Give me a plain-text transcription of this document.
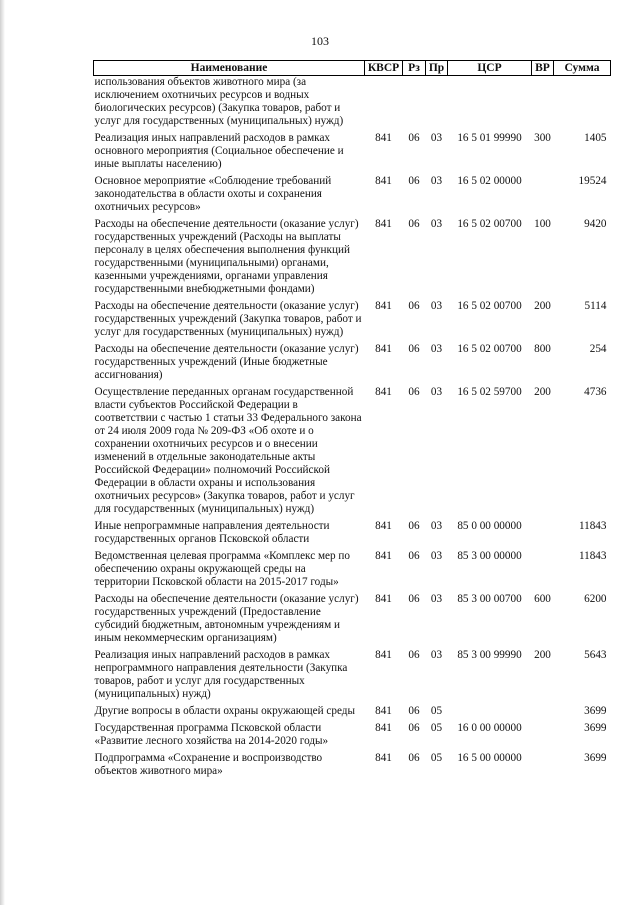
103
Наименование	КВСР	Рз	Пр	ЦСР	ВР	Сумма
использования объектов животного мира (за исключением охотничьих ресурсов и водных биологических ресурсов) (Закупка товаров, работ и услуг для государственных (муниципальных) нужд)						
Реализация иных направлений расходов в рамках основного мероприятия (Социальное обеспечение и иные выплаты населению)	841	06	03	16 5 01 99990	300	1405
Основное мероприятие «Соблюдение требований законодательства в области охоты и сохранения охотничьих ресурсов»	841	06	03	16 5 02 00000		19524
Расходы на обеспечение деятельности (оказание услуг) государственных учреждений (Расходы на выплаты персоналу в целях обеспечения выполнения функций государственными (муниципальными) органами, казенными учреждениями, органами управления государственными внебюджетными фондами)	841	06	03	16 5 02 00700	100	9420
Расходы на обеспечение деятельности (оказание услуг) государственных учреждений (Закупка товаров, работ и услуг для государственных (муниципальных) нужд)	841	06	03	16 5 02 00700	200	5114
Расходы на обеспечение деятельности (оказание услуг) государственных учреждений (Иные бюджетные ассигнования)	841	06	03	16 5 02 00700	800	254
Осуществление переданных органам государственной власти субъектов Российской Федерации в соответствии с частью 1 статьи 33 Федерального закона от 24 июля 2009 года № 209-ФЗ «Об охоте и о сохранении охотничьих ресурсов и о внесении изменений в отдельные законодательные акты Российской Федерации» полномочий Российской Федерации в области охраны и использования охотничьих ресурсов» (Закупка товаров, работ и услуг для государственных (муниципальных) нужд)	841	06	03	16 5 02 59700	200	4736
Иные непрограммные направления деятельности государственных органов Псковской области	841	06	03	85 0 00 00000		11843
Ведомственная целевая программа «Комплекс мер по обеспечению охраны окружающей среды на территории Псковской области на 2015-2017 годы»	841	06	03	85 3 00 00000		11843
Расходы на обеспечение деятельности (оказание услуг) государственных учреждений (Предоставление субсидий бюджетным, автономным учреждениям и иным некоммерческим организациям)	841	06	03	85 3 00 00700	600	6200
Реализация иных направлений расходов в рамках непрограммного направления деятельности (Закупка товаров, работ и услуг для государственных (муниципальных) нужд)	841	06	03	85 3 00 99990	200	5643
Другие вопросы в области охраны окружающей среды	841	06	05			3699
Государственная программа Псковской области «Развитие лесного хозяйства на 2014-2020 годы»	841	06	05	16 0 00 00000		3699
Подпрограмма «Сохранение и воспроизводство объектов животного мира»	841	06	05	16 5 00 00000		3699
